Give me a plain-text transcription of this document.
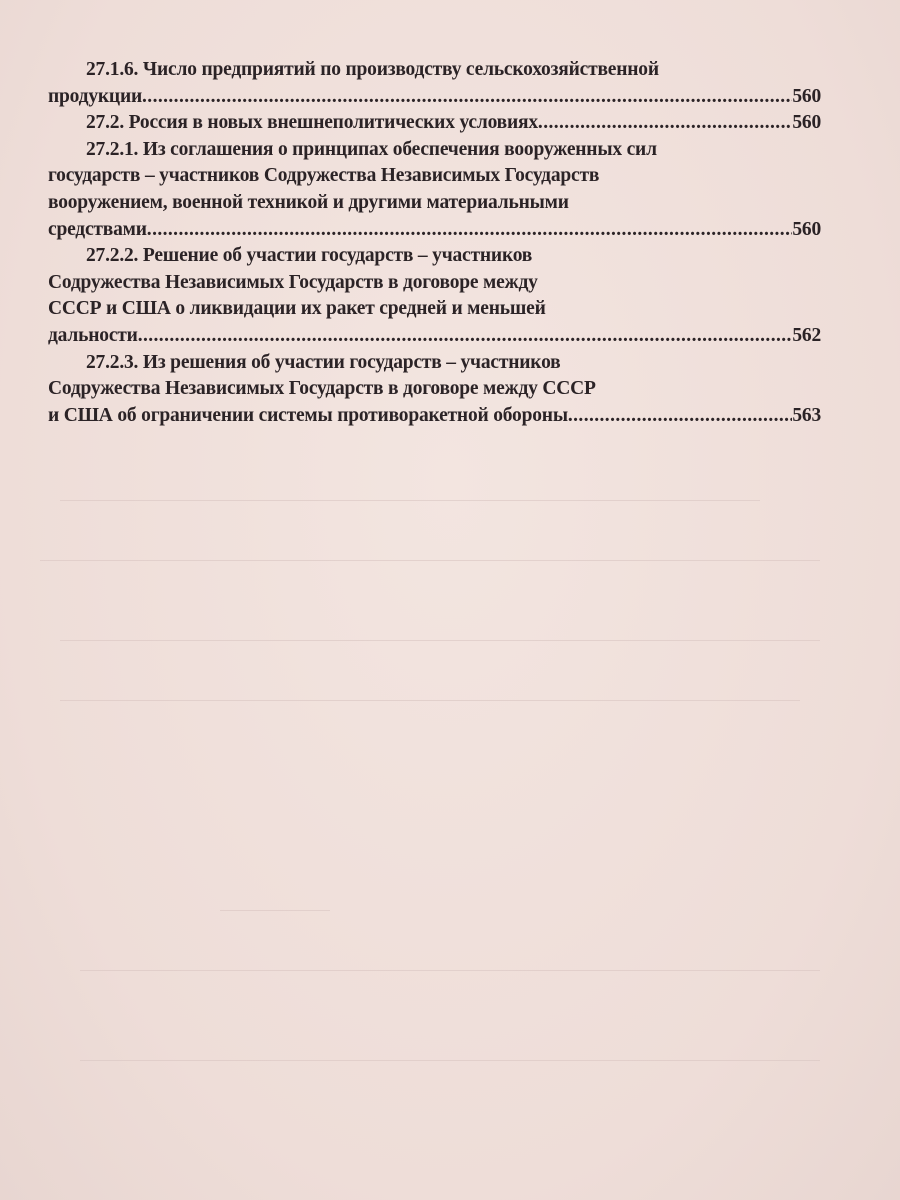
27.1.6. Число предприятий по производству сельскохозяйственной
продукции .....	560
27.2. Россия в новых внешнеполитических условиях .....	560
27.2.1. Из соглашения о принципах обеспечения вооруженных сил
государств – участников Содружества Независимых Государств
вооружением, военной техникой и другими материальными
средствами .....	560
27.2.2. Решение об участии государств – участников
Содружества Независимых Государств в договоре между
СССР и США о ликвидации их ракет средней и меньшей
дальности .....	562
27.2.3. Из решения об участии государств – участников
Содружества Независимых Государств в договоре между СССР
и США об ограничении системы противоракетной обороны .....	563
